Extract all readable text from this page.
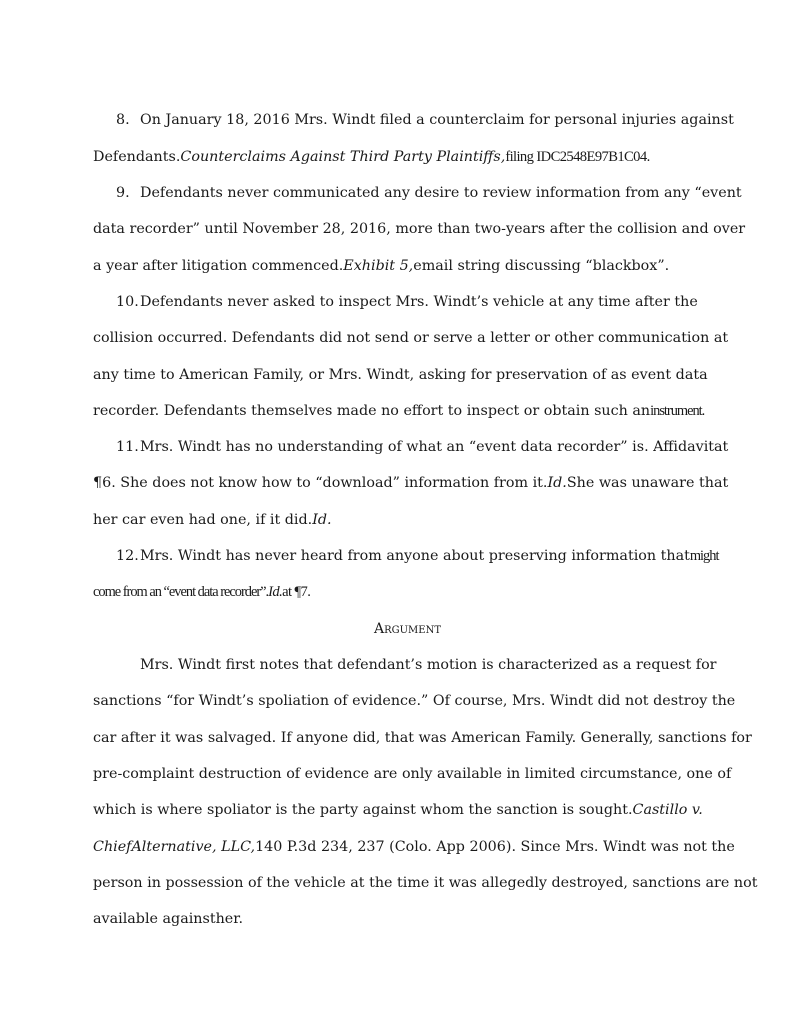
8. On January 18, 2016 Mrs. Windt filed a counterclaim for personal injuries against
Defendants.Counterclaims Against Third Party Plaintiffs,filing IDC2548E97B1C04.
9. Defendants never communicated any desire to review information from any “event
data recorder” until November 28, 2016, more than two-years after the collision and over
a year after litigation commenced.Exhibit 5,email string discussing “blackbox”.
10.Defendants never asked to inspect Mrs. Windt’s vehicle at any time after the
collision occurred. Defendants did not send or serve a letter or other communication at
any time to American Family, or Mrs. Windt, asking for preservation of as event data
recorder. Defendants themselves made no effort to inspect or obtain such aninstrument.
11.Mrs. Windt has no understanding of what an “event data recorder” is. Affidavitat
¶6. She does not know how to “download” information from it.Id.She was unaware that
her car even had one, if it did.Id.
12.Mrs. Windt has never heard from anyone about preserving information thatmight
come from an “event data recorder”.Id.at ¶7.
Argument
Mrs. Windt first notes that defendant’s motion is characterized as a request for
sanctions “for Windt’s spoliation of evidence.” Of course, Mrs. Windt did not destroy the
car after it was salvaged. If anyone did, that was American Family. Generally, sanctions for
pre-complaint destruction of evidence are only available in limited circumstance, one of
which is where spoliator is the party against whom the sanction is sought.Castillo v.
ChiefAlternative, LLC,140 P.3d 234, 237 (Colo. App 2006). Since Mrs. Windt was not the
person in possession of the vehicle at the time it was allegedly destroyed, sanctions are not
available againsther.
